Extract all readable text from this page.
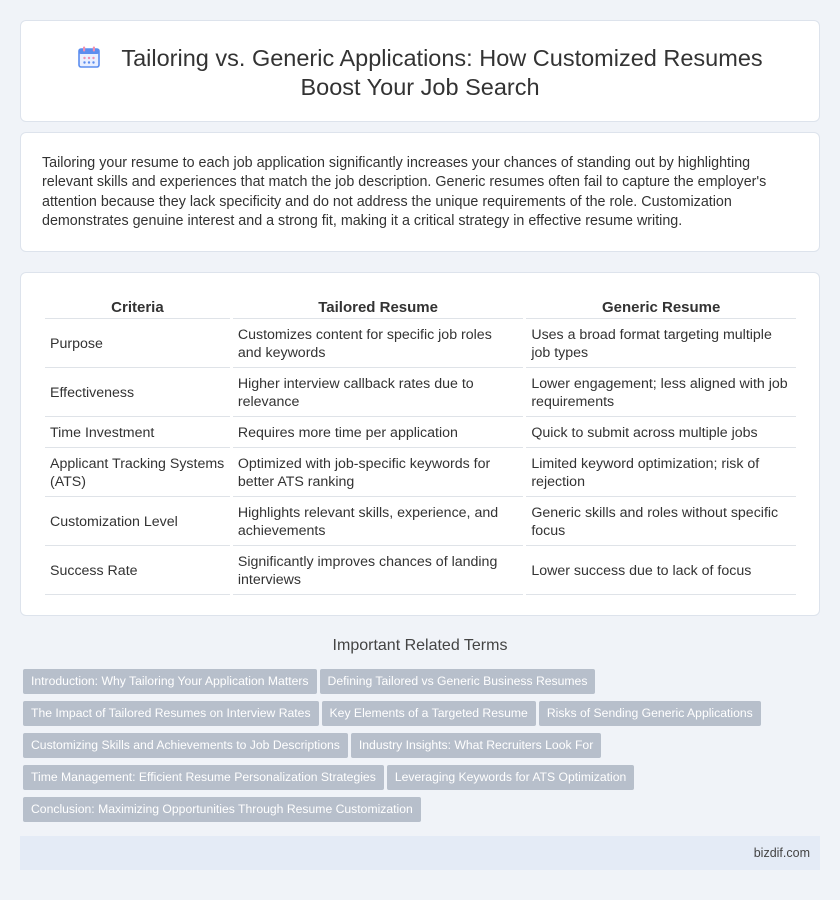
Tailoring vs. Generic Applications: How Customized Resumes
Boost Your Job Search

Tailoring your resume to each job application significantly increases your chances of standing out by highlighting relevant skills and experiences that match the job description. Generic resumes often fail to capture the employer's attention because they lack specificity and do not address the unique requirements of the role. Customization demonstrates genuine interest and a strong fit, making it a critical strategy in effective resume writing.

Criteria	Tailored Resume	Generic Resume
Purpose	Customizes content for specific job roles and keywords	Uses a broad format targeting multiple job types
Effectiveness	Higher interview callback rates due to relevance	Lower engagement; less aligned with job requirements
Time Investment	Requires more time per application	Quick to submit across multiple jobs
Applicant Tracking Systems (ATS)	Optimized with job-specific keywords for better ATS ranking	Limited keyword optimization; risk of rejection
Customization Level	Highlights relevant skills, experience, and achievements	Generic skills and roles without specific focus
Success Rate	Significantly improves chances of landing interviews	Lower success due to lack of focus
Important Related Terms
Introduction: Why Tailoring Your Application Matters Defining Tailored vs Generic Business Resumes
The Impact of Tailored Resumes on Interview Rates Key Elements of a Targeted Resume Risks of Sending Generic Applications
Customizing Skills and Achievements to Job Descriptions Industry Insights: What Recruiters Look For
Time Management: Efficient Resume Personalization Strategies Leveraging Keywords for ATS Optimization
Conclusion: Maximizing Opportunities Through Resume Customization
bizdif.com
